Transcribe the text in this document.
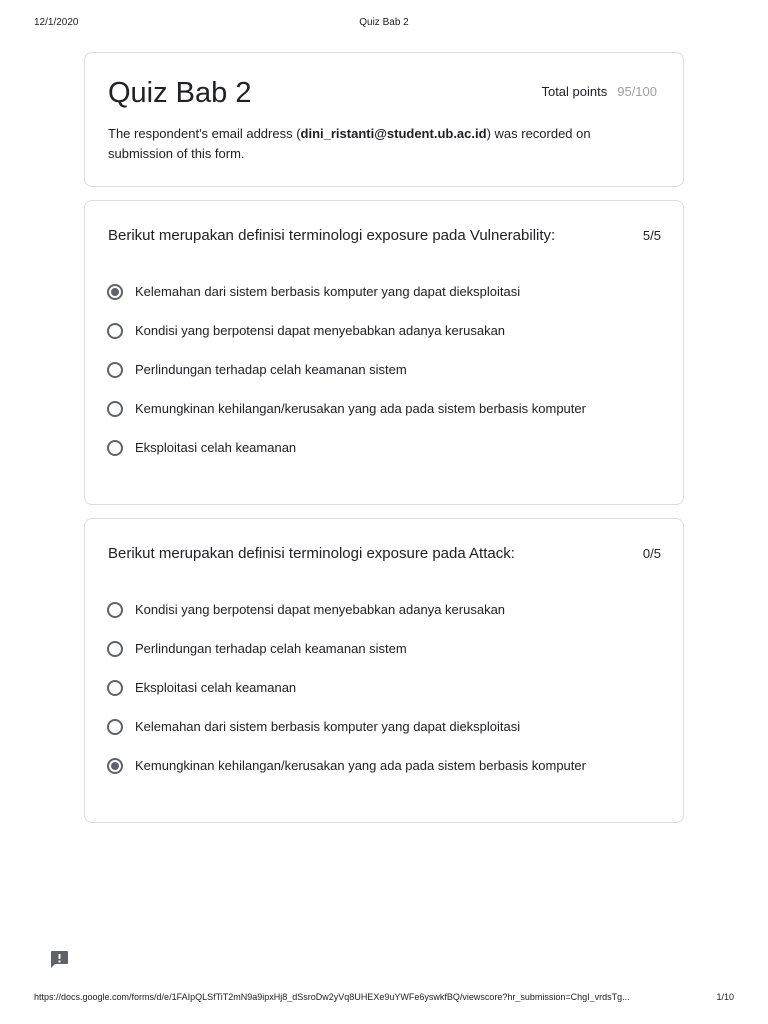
12/1/2020	Quiz Bab 2
Quiz Bab 2	Total points 95/100
The respondent's email address (dini_ristanti@student.ub.ac.id) was recorded on submission of this form.
Berikut merupakan definisi terminologi exposure pada Vulnerability:	5/5
Kelemahan dari sistem berbasis komputer yang dapat dieksploitasi
Kondisi yang berpotensi dapat menyebabkan adanya kerusakan
Perlindungan terhadap celah keamanan sistem
Kemungkinan kehilangan/kerusakan yang ada pada sistem berbasis komputer
Eksploitasi celah keamanan
Berikut merupakan definisi terminologi exposure pada Attack:	0/5
Kondisi yang berpotensi dapat menyebabkan adanya kerusakan
Perlindungan terhadap celah keamanan sistem
Eksploitasi celah keamanan
Kelemahan dari sistem berbasis komputer yang dapat dieksploitasi
Kemungkinan kehilangan/kerusakan yang ada pada sistem berbasis komputer
https://docs.google.com/forms/d/e/1FAIpQLSfTiT2mN9a9ipxHj8_dSsroDw2yVq8UHEXe9uYWFe6yswkfBQ/viewscore?hr_submission=ChgI_vrdsTg...	1/10
